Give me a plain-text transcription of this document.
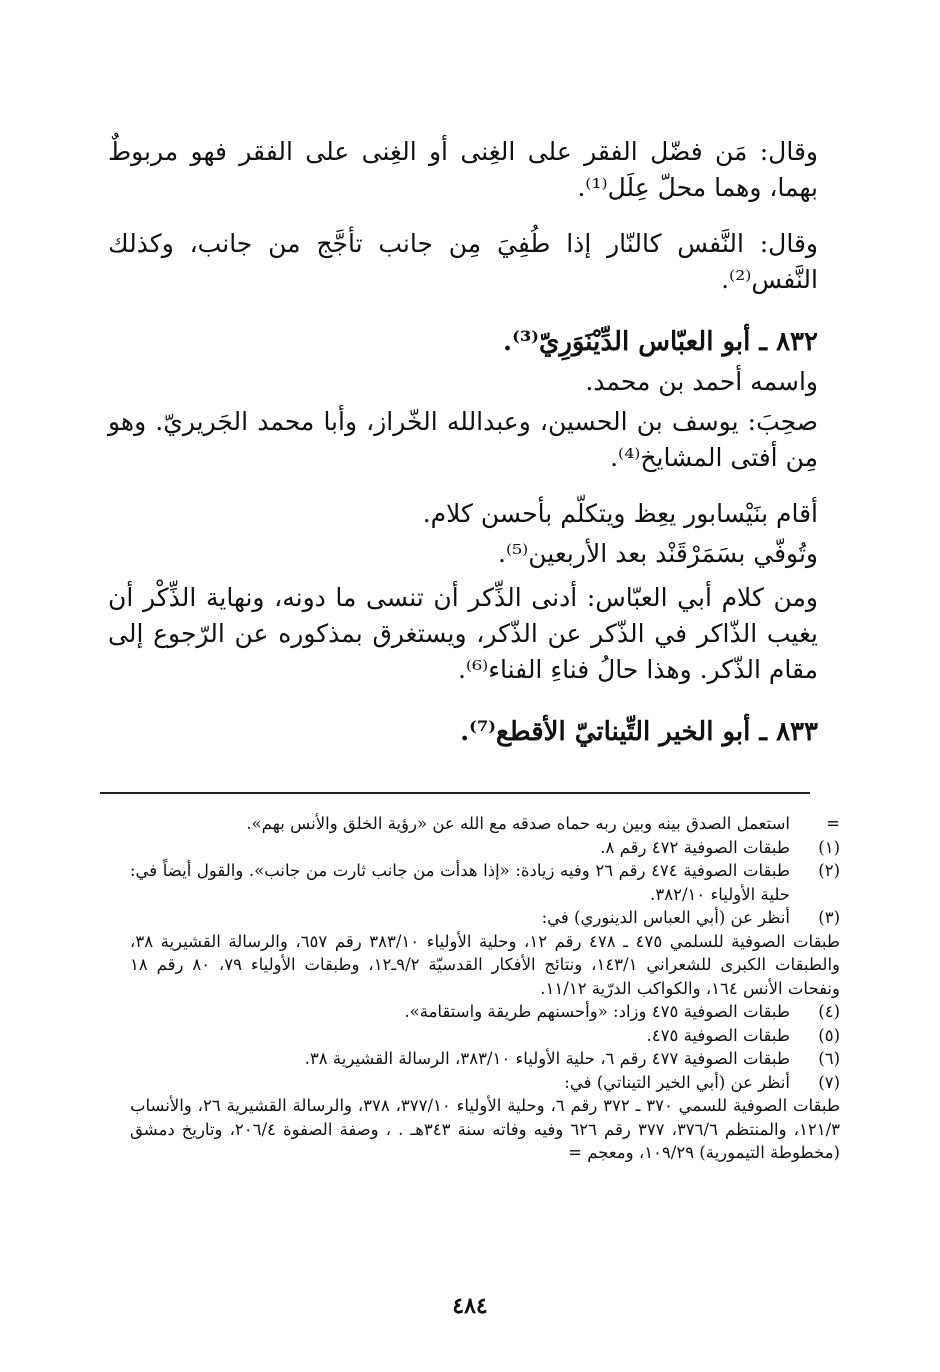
وقال: مَن فضّل الفقر على الغِنى أو الغِنى على الفقر فهو مربوطٌ بهما، وهما محلّ عِلَل⁽¹⁾.

وقال: النَّفس كالنّار إذا طُفِيَ مِن جانب تأجَّج من جانب، وكذلك النَّفس⁽²⁾.

٨٣٢ ـ أبو العبّاس الدِّيْنَوَرِيّ⁽³⁾.

واسمه أحمد بن محمد.

صحِبَ: يوسف بن الحسين، وعبدالله الخّراز، وأبا محمد الجَريريّ. وهو مِن أفتى المشايخ⁽⁴⁾.

أقام بنَيْسابور يعِظ ويتكلّم بأحسن كلام.

وتُوفّي بسَمَرْقَنْد بعد الأربعين⁽⁵⁾.

ومن كلام أبي العبّاس: أدنى الذِّكر أن تنسى ما دونه، ونهاية الذِّكْر أن يغيب الذّاكر في الذّكر عن الذّكر، ويستغرق بمذكوره عن الرّجوع إلى مقام الذّكر. وهذا حالُ فناءِ الفناء⁽⁶⁾.

٨٣٣ ـ أبو الخير التِّيناتيّ الأقطع⁽⁷⁾.

=
استعمل الصدق بينه وبين ربه حماه صدقه مع الله عن «رؤية الخلق والأنس بهم».
(١)
طبقات الصوفية ٤٧٢ رقم ٨.
(٢)
طبقات الصوفية ٤٧٤ رقم ٢٦ وفيه زيادة: «إذا هدأت من جانب ثارت من جانب». والقول أيضاً في: حلية الأولياء ٣٨٢/١٠.
(٣)
أنظر عن (أبي العباس الدينوري) في:
طبقات الصوفية للسلمي ٤٧٥ ـ ٤٧٨ رقم ١٢، وحلية الأولياء ٣٨٣/١٠ رقم ٦٥٧، والرسالة القشيرية ٣٨، والطبقات الكبرى للشعراني ١٤٣/١، ونتائج الأفكار القدسيّة ٩/٢ـ١٢، وطبقات الأولياء ٧٩، ٨٠ رقم ١٨ ونفحات الأنس ١٦٤، والكواكب الدرّية ١١/١٢.
(٤)
طبقات الصوفية ٤٧٥ وزاد: «وأحسنهم طريقة واستقامة».
(٥)
طبقات الصوفية ٤٧٥.
(٦)
طبقات الصوفية ٤٧٧ رقم ٦، حلية الأولياء ٣٨٣/١٠، الرسالة القشيرية ٣٨.
(٧)
أنظر عن (أبي الخير التيناتي) في:
طبقات الصوفية للسمي ٣٧٠ ـ ٣٧٢ رقم ٦، وحلية الأولياء ٣٧٧/١٠، ٣٧٨، والرسالة القشيرية ٢٦، والأنساب ١٢١/٣، والمنتظم ٣٧٦/٦، ٣٧٧ رقم ٦٢٦ وفيه وفاته سنة ٣٤٣هـ . ، وصفة الصفوة ٢٠٦/٤، وتاريخ دمشق (مخطوطة التيمورية) ١٠٩/٢٩، ومعجم =
٤٨٤
